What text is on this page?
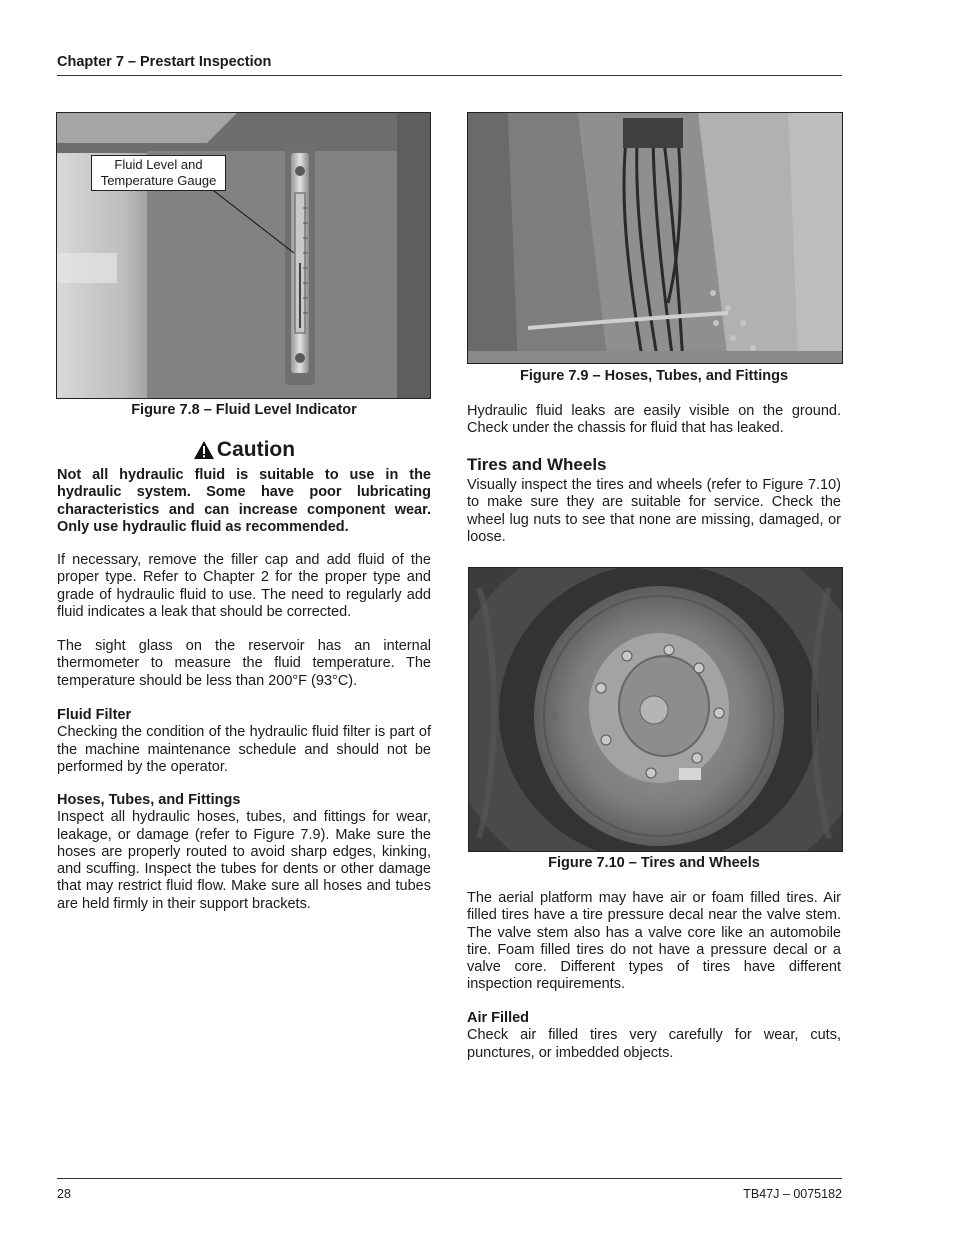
Chapter 7 – Prestart Inspection
Fluid Level and
Temperature Gauge
Figure 7.8 – Fluid Level Indicator
Caution

Not all hydraulic fluid is suitable to use in the hydraulic system. Some have poor lubricating characteristics and can increase component wear. Only use hydraulic fluid as recommended.

If necessary, remove the filler cap and add fluid of the proper type. Refer to Chapter 2 for the proper type and grade of hydraulic fluid to use. The need to regularly add fluid indicates a leak that should be corrected.

The sight glass on the reservoir has an internal thermometer to measure the fluid temperature. The temperature should be less than 200°F (93°C).

Fluid Filter

Checking the condition of the hydraulic fluid filter is part of the machine maintenance schedule and should not be performed by the operator.

Hoses, Tubes, and Fittings

Inspect all hydraulic hoses, tubes, and fittings for wear, leakage, or damage (refer to Figure 7.9). Make sure the hoses are properly routed to avoid sharp edges, kinking, and scuffing. Inspect the tubes for dents or other damage that may restrict fluid flow. Make sure all hoses and tubes are held firmly in their support brackets.

Figure 7.9 – Hoses, Tubes, and Fittings

Hydraulic fluid leaks are easily visible on the ground. Check under the chassis for fluid that has leaked.

Tires and Wheels

Visually inspect the tires and wheels (refer to Figure 7.10) to make sure they are suitable for service. Check the wheel lug nuts to see that none are missing, damaged, or loose.

Figure 7.10 – Tires and Wheels

The aerial platform may have air or foam filled tires. Air filled tires have a tire pressure decal near the valve stem. The valve stem also has a valve core like an automobile tire. Foam filled tires do not have a pressure decal or a valve core. Different types of tires have different inspection requirements.

Air Filled

Check air filled tires very carefully for wear, cuts, punctures, or imbedded objects.

28	TB47J – 0075182
